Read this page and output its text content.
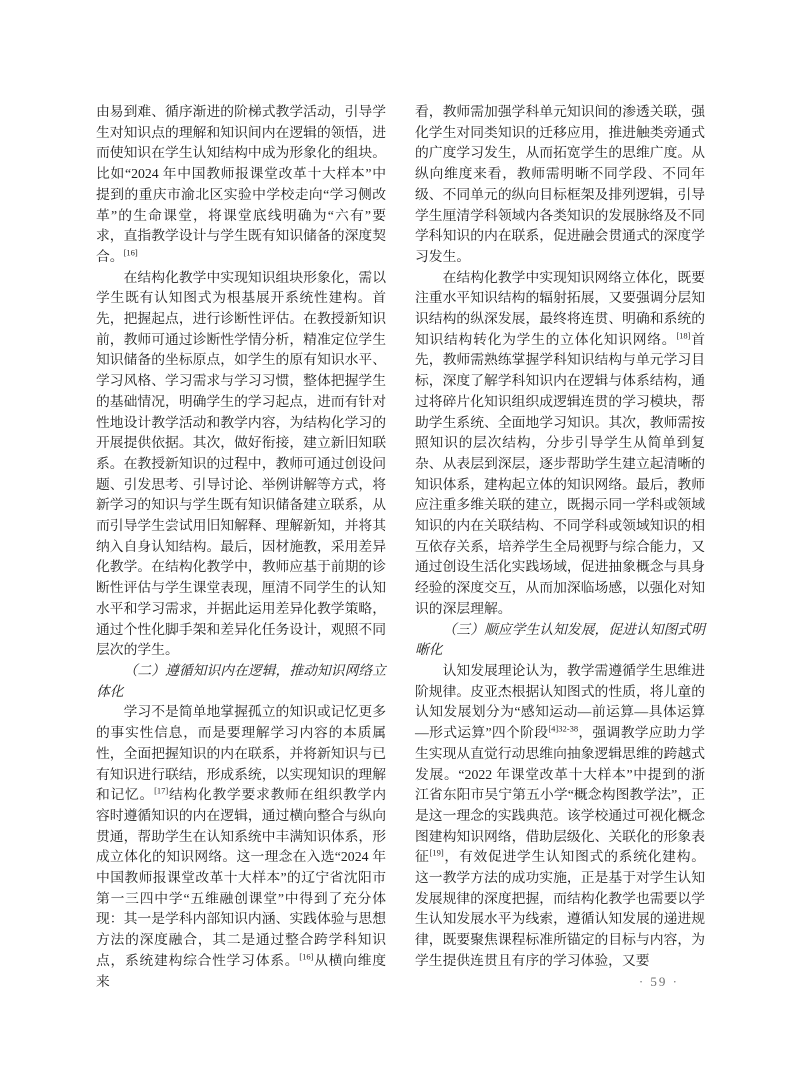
由易到难、循序渐进的阶梯式教学活动，引导学生对知识点的理解和知识间内在逻辑的领悟，进而使知识在学生认知结构中成为形象化的组块。比如“2024 年中国教师报课堂改革十大样本”中提到的重庆市渝北区实验中学校走向“学习侧改革”的生命课堂，将课堂底线明确为“六有”要求，直指教学设计与学生既有知识储备的深度契合。[16]

在结构化教学中实现知识组块形象化，需以学生既有认知图式为根基展开系统性建构。首先，把握起点，进行诊断性评估。在教授新知识前，教师可通过诊断性学情分析，精准定位学生知识储备的坐标原点，如学生的原有知识水平、学习风格、学习需求与学习习惯，整体把握学生的基础情况，明确学生的学习起点，进而有针对性地设计教学活动和教学内容，为结构化学习的开展提供依据。其次，做好衔接，建立新旧知联系。在教授新知识的过程中，教师可通过创设问题、引发思考、引导讨论、举例讲解等方式，将新学习的知识与学生既有知识储备建立联系，从而引导学生尝试用旧知解释、理解新知，并将其纳入自身认知结构。最后，因材施教，采用差异化教学。在结构化教学中，教师应基于前期的诊断性评估与学生课堂表现，厘清不同学生的认知水平和学习需求，并据此运用差异化教学策略，通过个性化脚手架和差异化任务设计，观照不同层次的学生。

（二）遵循知识内在逻辑，推动知识网络立体化

学习不是简单地掌握孤立的知识或记忆更多的事实性信息，而是要理解学习内容的本质属性，全面把握知识的内在联系，并将新知识与已有知识进行联结，形成系统，以实现知识的理解和记忆。[17]结构化教学要求教师在组织教学内容时遵循知识的内在逻辑，通过横向整合与纵向贯通，帮助学生在认知系统中丰满知识体系，形成立体化的知识网络。这一理念在入选“2024 年中国教师报课堂改革十大样本”的辽宁省沈阳市第一三四中学“五维融创课堂”中得到了充分体现：其一是学科内部知识内涵、实践体验与思想方法的深度融合，其二是通过整合跨学科知识点，系统建构综合性学习体系。[16]从横向维度来

看，教师需加强学科单元知识间的渗透关联，强化学生对同类知识的迁移应用，推进触类旁通式的广度学习发生，从而拓宽学生的思维广度。从纵向维度来看，教师需明晰不同学段、不同年级、不同单元的纵向目标框架及排列逻辑，引导学生厘清学科领域内各类知识的发展脉络及不同学科知识的内在联系，促进融会贯通式的深度学习发生。

在结构化教学中实现知识网络立体化，既要注重水平知识结构的辐射拓展，又要强调分层知识结构的纵深发展，最终将连贯、明确和系统的知识结构转化为学生的立体化知识网络。[18]首先，教师需熟练掌握学科知识结构与单元学习目标，深度了解学科知识内在逻辑与体系结构，通过将碎片化知识组织成逻辑连贯的学习模块，帮助学生系统、全面地学习知识。其次，教师需按照知识的层次结构，分步引导学生从简单到复杂、从表层到深层，逐步帮助学生建立起清晰的知识体系，建构起立体的知识网络。最后，教师应注重多维关联的建立，既揭示同一学科或领域知识的内在关联结构、不同学科或领域知识的相互依存关系，培养学生全局视野与综合能力，又通过创设生活化实践场域，促进抽象概念与具身经验的深度交互，从而加深临场感，以强化对知识的深层理解。

（三）顺应学生认知发展，促进认知图式明晰化

认知发展理论认为，教学需遵循学生思维进阶规律。皮亚杰根据认知图式的性质，将儿童的认知发展划分为“感知运动—前运算—具体运算—形式运算”四个阶段$^{[4]32-38}$，强调教学应助力学生实现从直觉行动思维向抽象逻辑思维的跨越式发展。“2022 年课堂改革十大样本”中提到的浙江省东阳市吴宁第五小学“概念构图教学法”，正是这一理念的实践典范。该学校通过可视化概念图建构知识网络，借助层级化、关联化的形象表征[19]，有效促进学生认知图式的系统化建构。这一教学方法的成功实施，正是基于对学生认知发展规律的深度把握，而结构化教学也需要以学生认知发展水平为线索，遵循认知发展的递进规律，既要聚焦课程标准所锚定的目标与内容，为学生提供连贯且有序的学习体验，又要

· 59 ·
